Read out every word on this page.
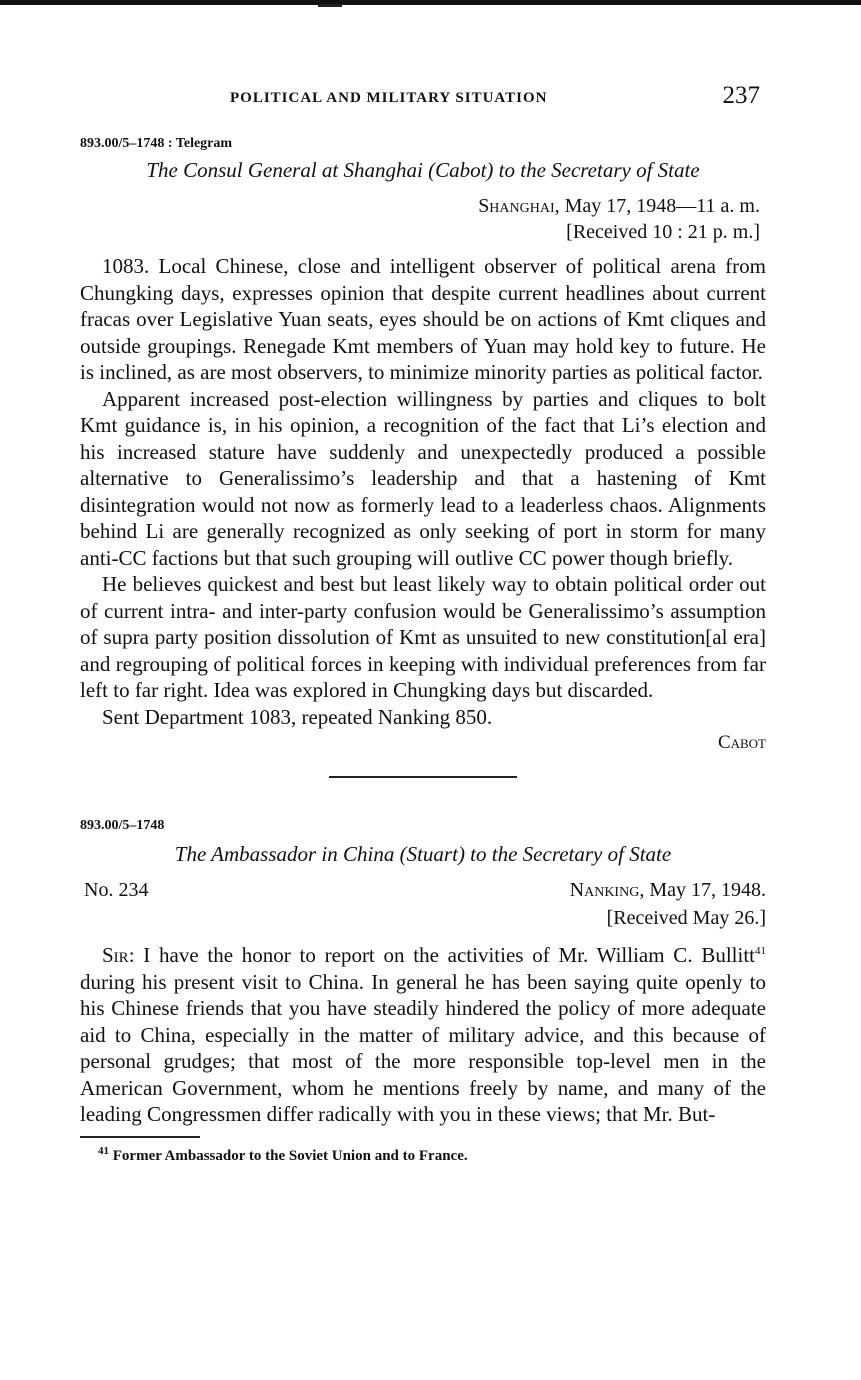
POLITICAL AND MILITARY SITUATION	237
893.00/5–1748 : Telegram
The Consul General at Shanghai (Cabot) to the Secretary of State
Shanghai, May 17, 1948—11 a. m.
[Received 10 : 21 p. m.]

1083. Local Chinese, close and intelligent observer of political arena from Chungking days, expresses opinion that despite current headlines about current fracas over Legislative Yuan seats, eyes should be on actions of Kmt cliques and outside groupings. Renegade Kmt members of Yuan may hold key to future. He is inclined, as are most observers, to minimize minority parties as political factor.

Apparent increased post-election willingness by parties and cliques to bolt Kmt guidance is, in his opinion, a recognition of the fact that Li’s election and his increased stature have suddenly and unexpectedly produced a possible alternative to Generalissimo’s leadership and that a hastening of Kmt disintegration would not now as formerly lead to a leaderless chaos. Alignments behind Li are generally recognized as only seeking of port in storm for many anti-CC factions but that such grouping will outlive CC power though briefly.

He believes quickest and best but least likely way to obtain political order out of current intra- and inter-party confusion would be Generalissimo’s assumption of supra party position dissolution of Kmt as unsuited to new constitution[al era] and regrouping of political forces in keeping with individual preferences from far left to far right. Idea was explored in Chungking days but discarded.

Sent Department 1083, repeated Nanking 850.

Cabot
893.00/5–1748
The Ambassador in China (Stuart) to the Secretary of State
No. 234	Nanking, May 17, 1948.
[Received May 26.]

Sir: I have the honor to report on the activities of Mr. William C. Bullitt$^{41}$ during his present visit to China. In general he has been saying quite openly to his Chinese friends that you have steadily hindered the policy of more adequate aid to China, especially in the matter of military advice, and this because of personal grudges; that most of the more responsible top-level men in the American Government, whom he mentions freely by name, and many of the leading Congressmen differ radically with you in these views; that Mr. But-

$^{41}$ Former Ambassador to the Soviet Union and to France.
